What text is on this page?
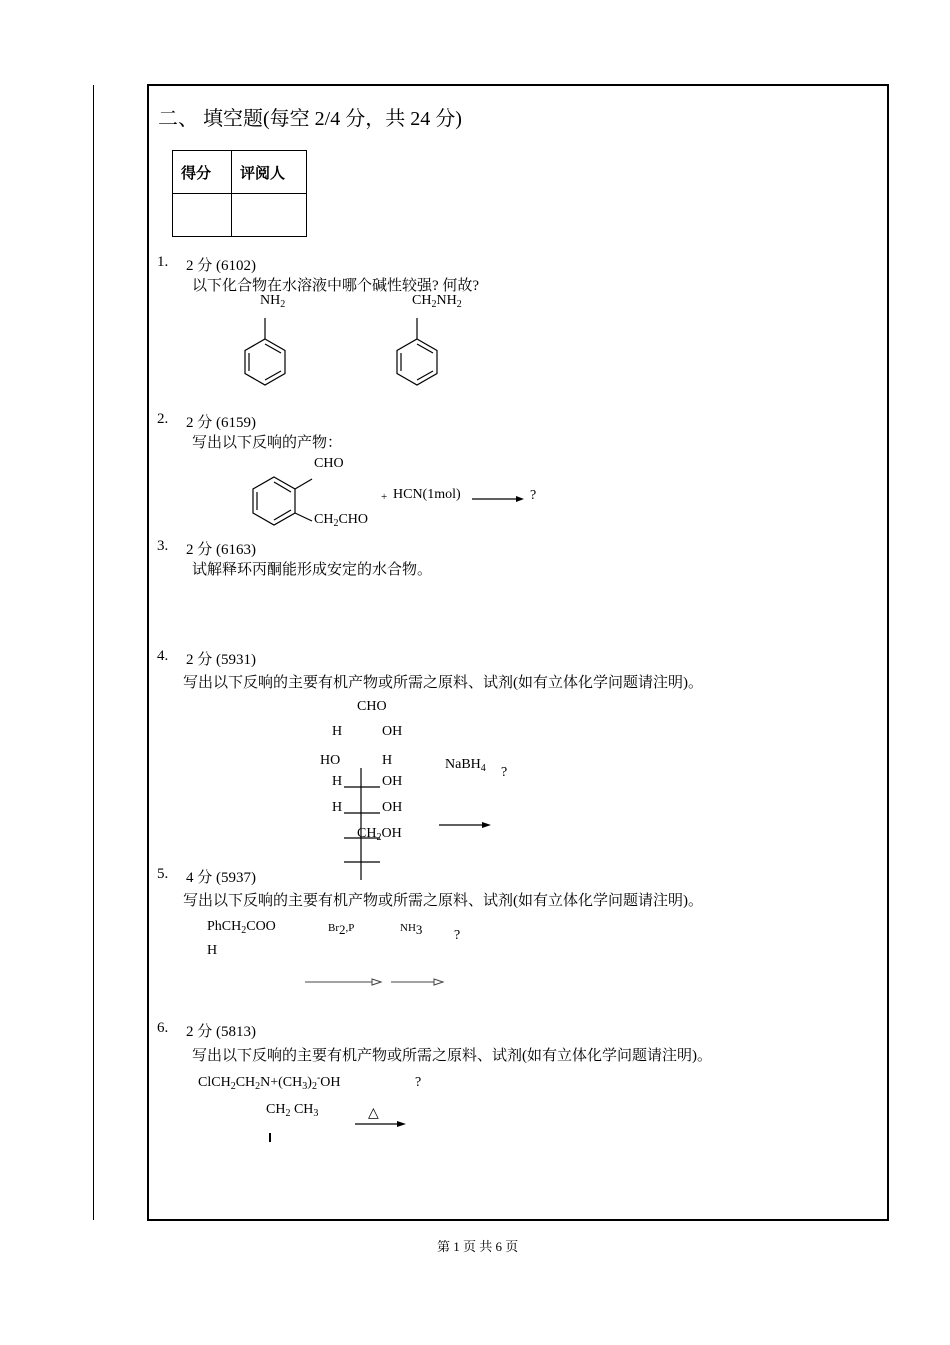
二、 填空题(每空 2/4 分，共 24 分)
得分	评阅人

1. 2 分 (6102)
以下化合物在水溶液中哪个碱性较强? 何故?
$NH_2$	$CH_2NH_2$
2. 2 分 (6159)
写出以下反响的产物：
CHO
$CH_2CHO$
+ HCN(1mol)	?
3. 2 分 (6163)
试解释环丙酮能形成安定的水合物。
4. 2 分 (5931)
写出以下反响的主要有机产物或所需之原料、试剂(如有立体化学问题请注明)。
CHO
H	OH
HO	H
H	OH
H	OH
$CH_2OH$
NaBH$_4$ ?
5. 4 分 (5937)
写出以下反响的主要有机产物或所需之原料、试剂(如有立体化学问题请注明)。
PhCH$_2$COO
H
$Br_2,P$	$NH_3$ ?
6. 2 分 (5813)
写出以下反响的主要有机产物或所需之原料、试剂(如有立体化学问题请注明)。
$ClCH_2CH_2N+(CH_3)_2^-OH$	?
$CH_2$ $CH_3$	△
第 1 页 共 6 页
